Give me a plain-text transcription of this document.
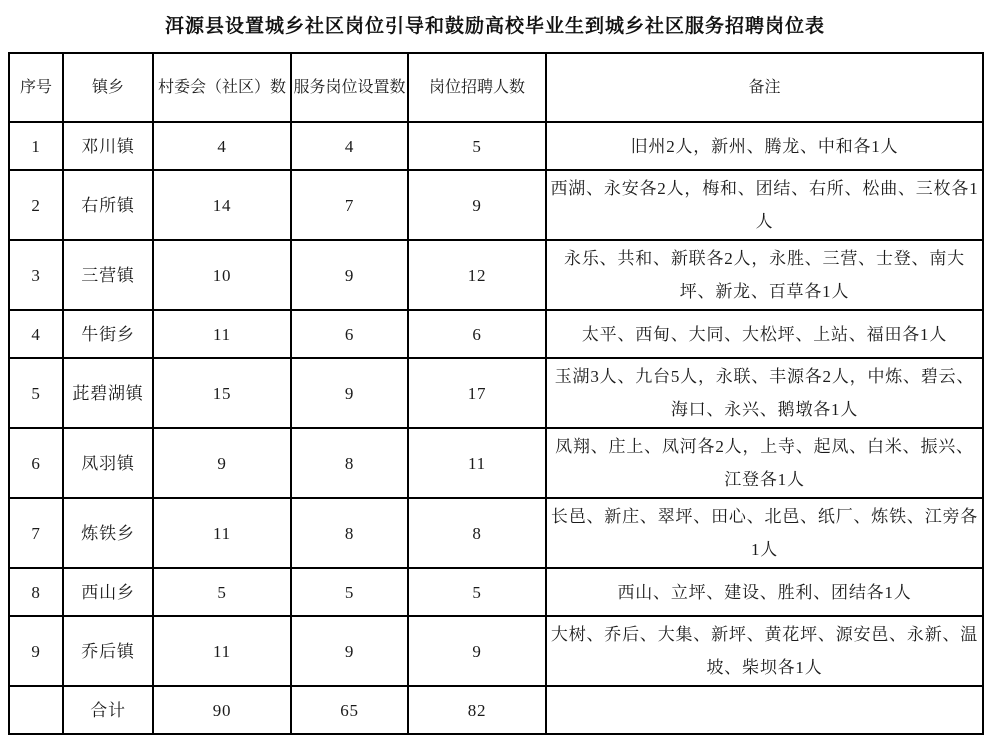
洱源县设置城乡社区岗位引导和鼓励高校毕业生到城乡社区服务招聘岗位表
序号	镇乡	村委会（社区）数	服务岗位设置数	岗位招聘人数	备注
1	邓川镇	4	4	5	旧州2人，新州、腾龙、中和各1人
2	右所镇	14	7	9	西湖、永安各2人，梅和、团结、右所、松曲、三枚各1人
3	三营镇	10	9	12	永乐、共和、新联各2人，永胜、三营、士登、南大坪、新龙、百草各1人
4	牛街乡	11	6	6	太平、西甸、大同、大松坪、上站、福田各1人
5	茈碧湖镇	15	9	17	玉湖3人、九台5人，永联、丰源各2人，中炼、碧云、海口、永兴、鹅墩各1人
6	凤羽镇	9	8	11	凤翔、庄上、凤河各2人，上寺、起凤、白米、振兴、江登各1人
7	炼铁乡	11	8	8	长邑、新庄、翠坪、田心、北邑、纸厂、炼铁、江旁各1人
8	西山乡	5	5	5	西山、立坪、建设、胜利、团结各1人
9	乔后镇	11	9	9	大树、乔后、大集、新坪、黄花坪、源安邑、永新、温坡、柴坝各1人
	合计	90	65	82	
